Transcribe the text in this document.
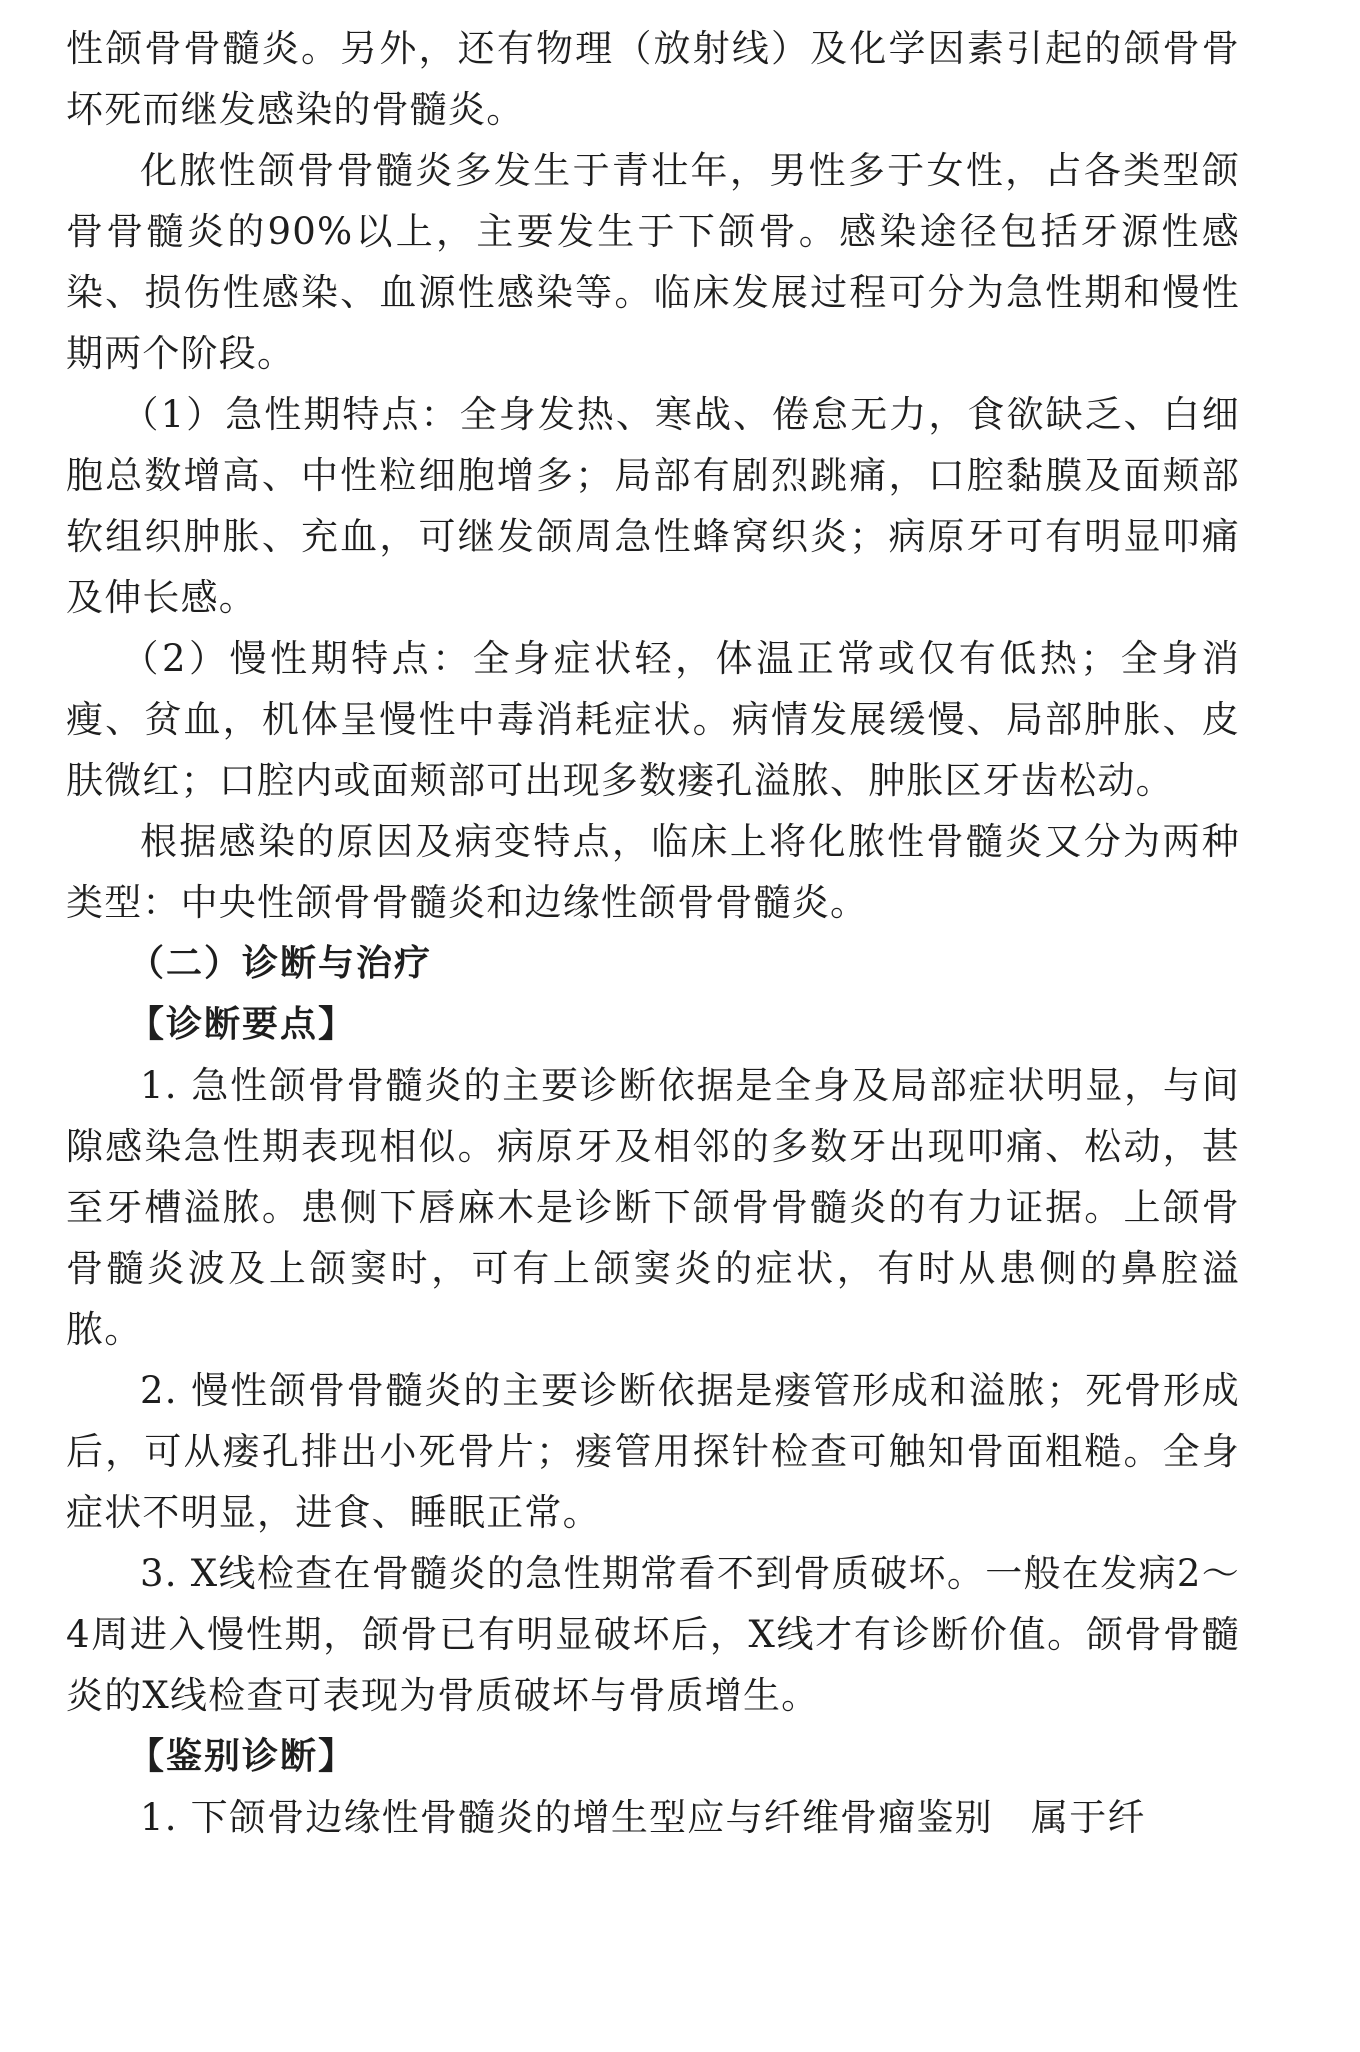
性颌骨骨髓炎。另外，还有物理（放射线）及化学因素引起的颌骨骨坏死而继发感染的骨髓炎。

化脓性颌骨骨髓炎多发生于青壮年，男性多于女性，占各类型颌骨骨髓炎的90%以上，主要发生于下颌骨。感染途径包括牙源性感染、损伤性感染、血源性感染等。临床发展过程可分为急性期和慢性期两个阶段。

（1）急性期特点：全身发热、寒战、倦怠无力，食欲缺乏、白细胞总数增高、中性粒细胞增多；局部有剧烈跳痛，口腔黏膜及面颊部软组织肿胀、充血，可继发颌周急性蜂窝织炎；病原牙可有明显叩痛及伸长感。

（2）慢性期特点：全身症状轻，体温正常或仅有低热；全身消瘦、贫血，机体呈慢性中毒消耗症状。病情发展缓慢、局部肿胀、皮肤微红；口腔内或面颊部可出现多数瘘孔溢脓、肿胀区牙齿松动。

根据感染的原因及病变特点，临床上将化脓性骨髓炎又分为两种类型：中央性颌骨骨髓炎和边缘性颌骨骨髓炎。

（二）诊断与治疗
【诊断要点】

1. 急性颌骨骨髓炎的主要诊断依据是全身及局部症状明显，与间隙感染急性期表现相似。病原牙及相邻的多数牙出现叩痛、松动，甚至牙槽溢脓。患侧下唇麻木是诊断下颌骨骨髓炎的有力证据。上颌骨骨髓炎波及上颌窦时，可有上颌窦炎的症状，有时从患侧的鼻腔溢脓。

2. 慢性颌骨骨髓炎的主要诊断依据是瘘管形成和溢脓；死骨形成后，可从瘘孔排出小死骨片；瘘管用探针检查可触知骨面粗糙。全身症状不明显，进食、睡眠正常。

3. X线检查在骨髓炎的急性期常看不到骨质破坏。一般在发病2～4周进入慢性期，颌骨已有明显破坏后，X线才有诊断价值。颌骨骨髓炎的X线检查可表现为骨质破坏与骨质增生。

【鉴别诊断】

1. 下颌骨边缘性骨髓炎的增生型应与纤维骨瘤鉴别　属于纤
